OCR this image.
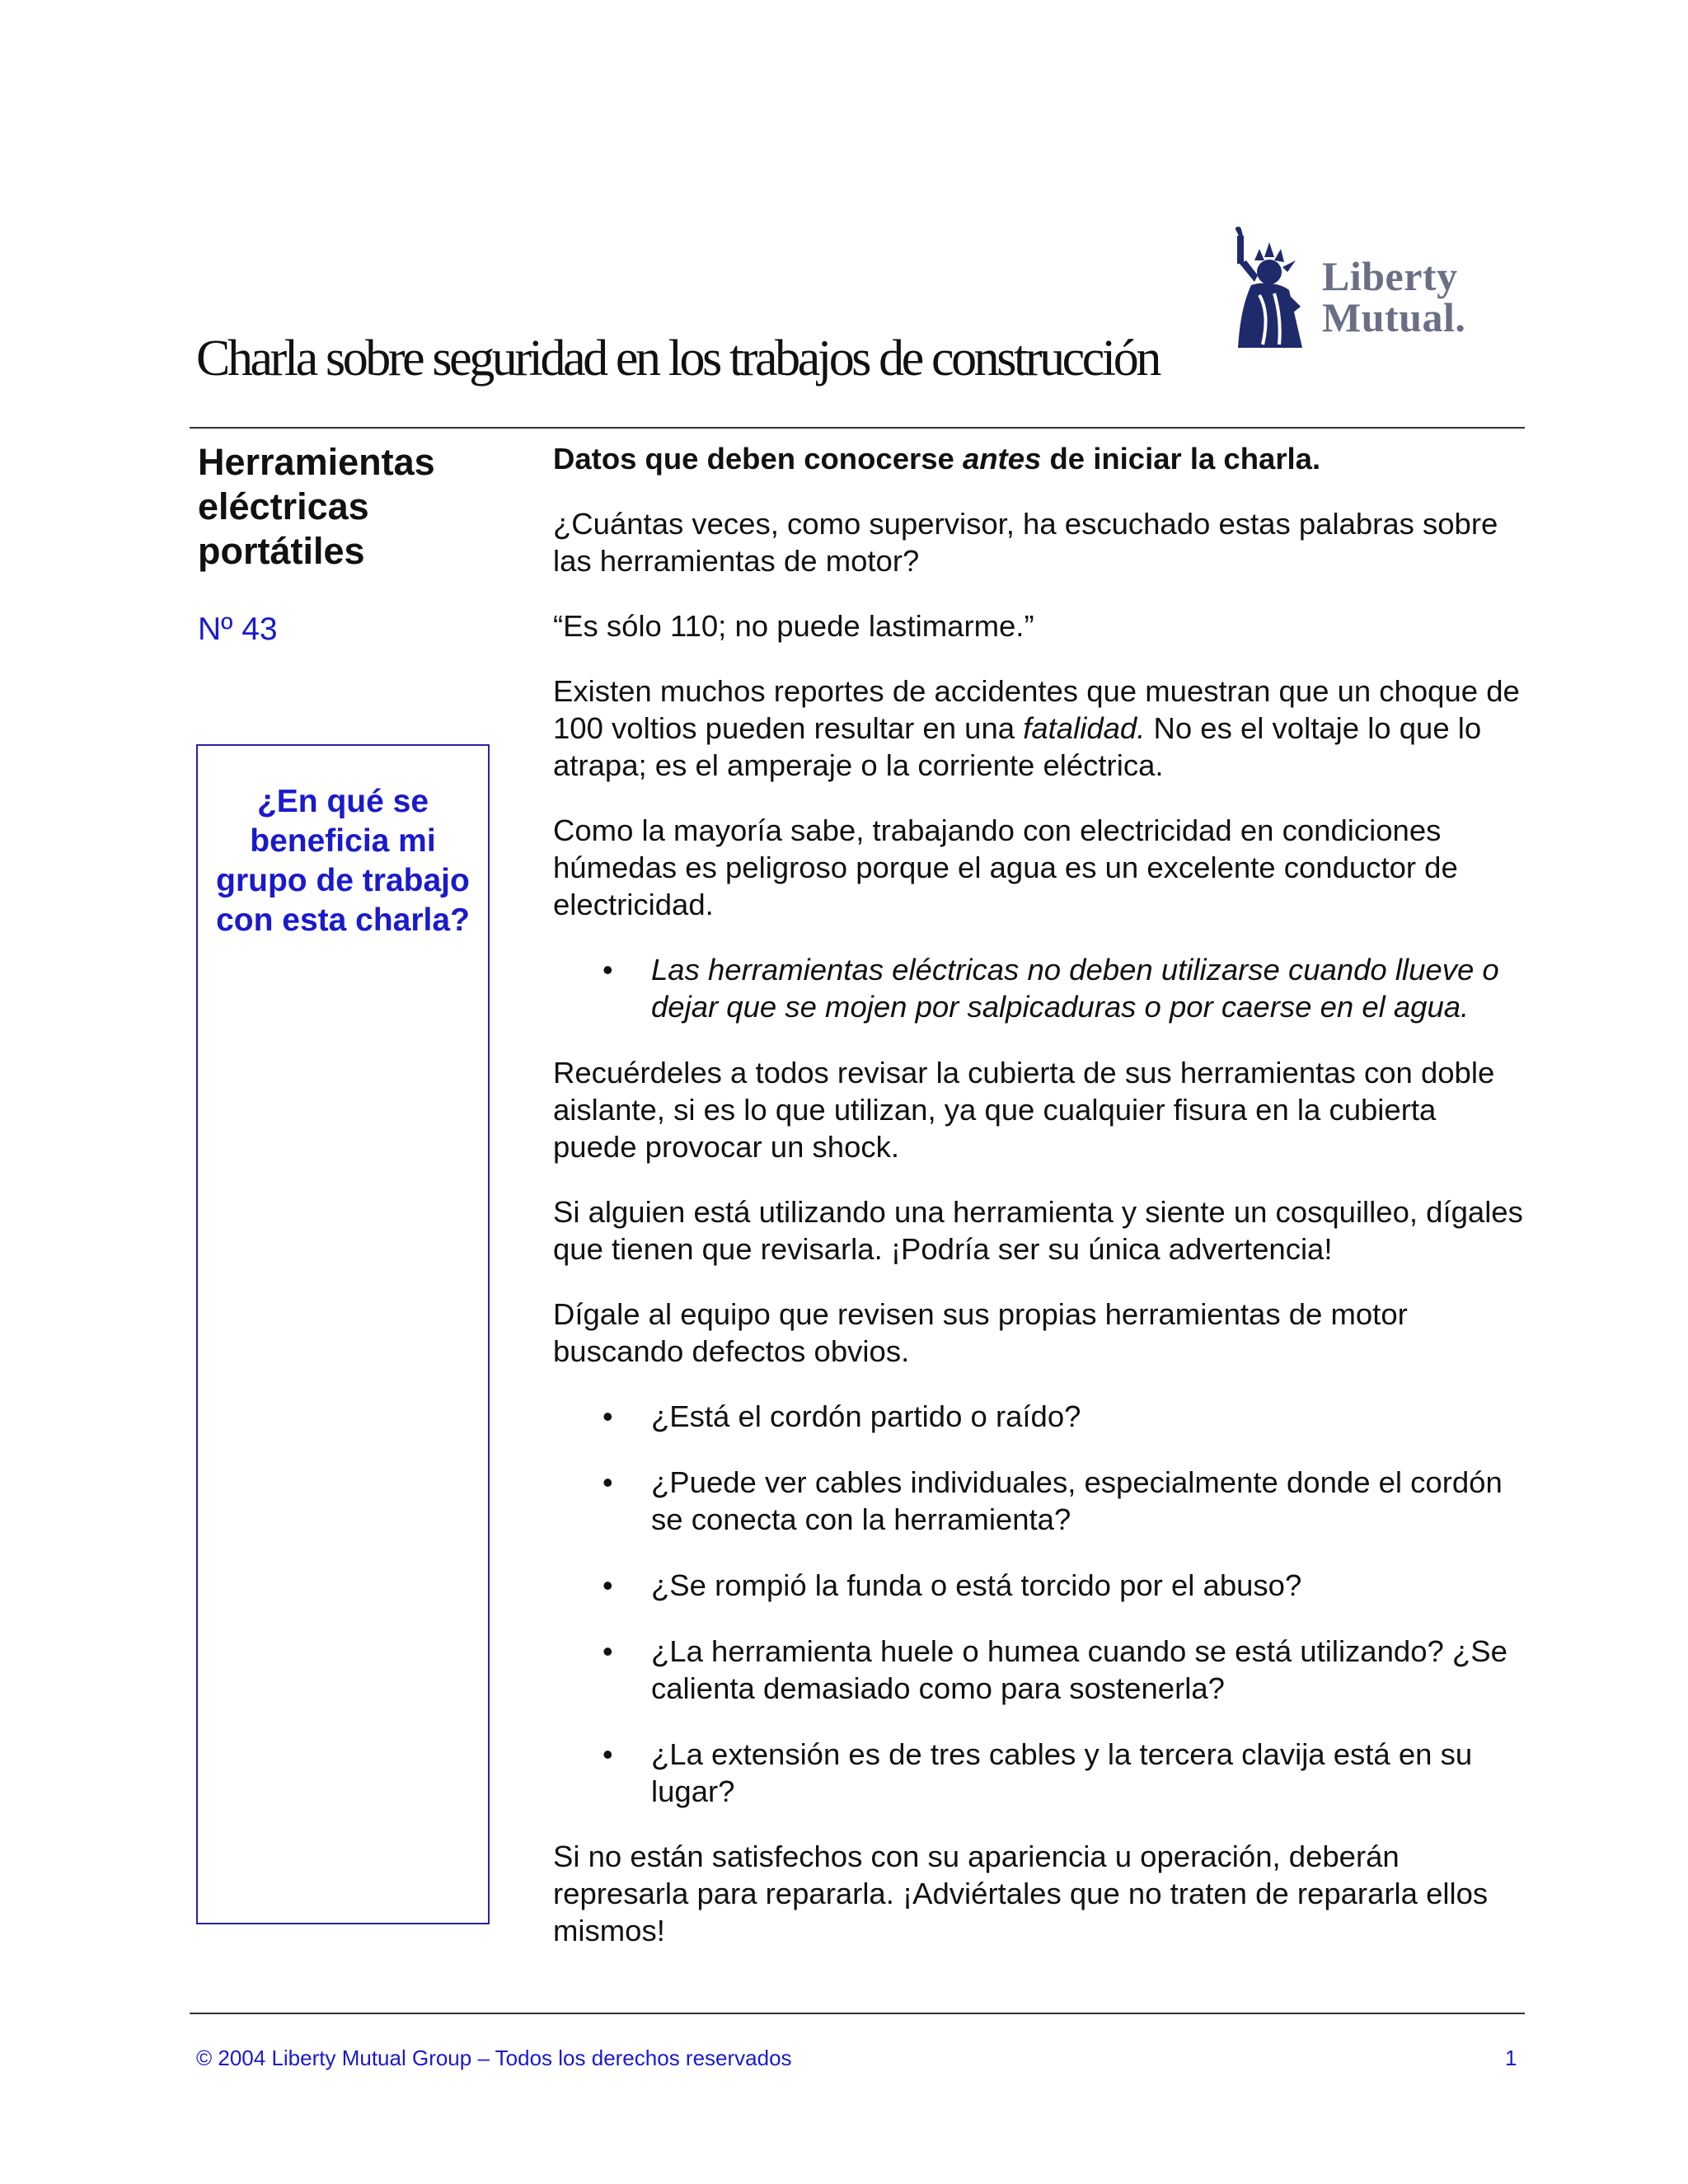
Liberty
Mutual.
Charla sobre seguridad en los trabajos de construcción
Herramientas eléctricas portátiles
Nº 43
¿En qué se beneficia mi grupo de trabajo con esta charla?

Datos que deben conocerse antes de iniciar la charla.

¿Cuántas veces, como supervisor, ha escuchado estas palabras sobre las herramientas de motor?

“Es sólo 110; no puede lastimarme.”

Existen muchos reportes de accidentes que muestran que un choque de 100 voltios pueden resultar en una fatalidad. No es el voltaje lo que lo atrapa; es el amperaje o la corriente eléctrica.

Como la mayoría sabe, trabajando con electricidad en condiciones húmedas es peligroso porque el agua es un excelente conductor de electricidad.

• Las herramientas eléctricas no deben utilizarse cuando llueve o dejar que se mojen por salpicaduras o por caerse en el agua.

Recuérdeles a todos revisar la cubierta de sus herramientas con doble aislante, si es lo que utilizan, ya que cualquier fisura en la cubierta puede provocar un shock.

Si alguien está utilizando una herramienta y siente un cosquilleo, dígales que tienen que revisarla. ¡Podría ser su única advertencia!

Dígale al equipo que revisen sus propias herramientas de motor buscando defectos obvios.

• ¿Está el cordón partido o raído?
• ¿Puede ver cables individuales, especialmente donde el cordón se conecta con la herramienta?
• ¿Se rompió la funda o está torcido por el abuso?
• ¿La herramienta huele o humea cuando se está utilizando? ¿Se calienta demasiado como para sostenerla?
• ¿La extensión es de tres cables y la tercera clavija está en su lugar?

Si no están satisfechos con su apariencia u operación, deberán represarla para repararla. ¡Adviértales que no traten de repararla ellos mismos!

© 2004 Liberty Mutual Group – Todos los derechos reservados	1
